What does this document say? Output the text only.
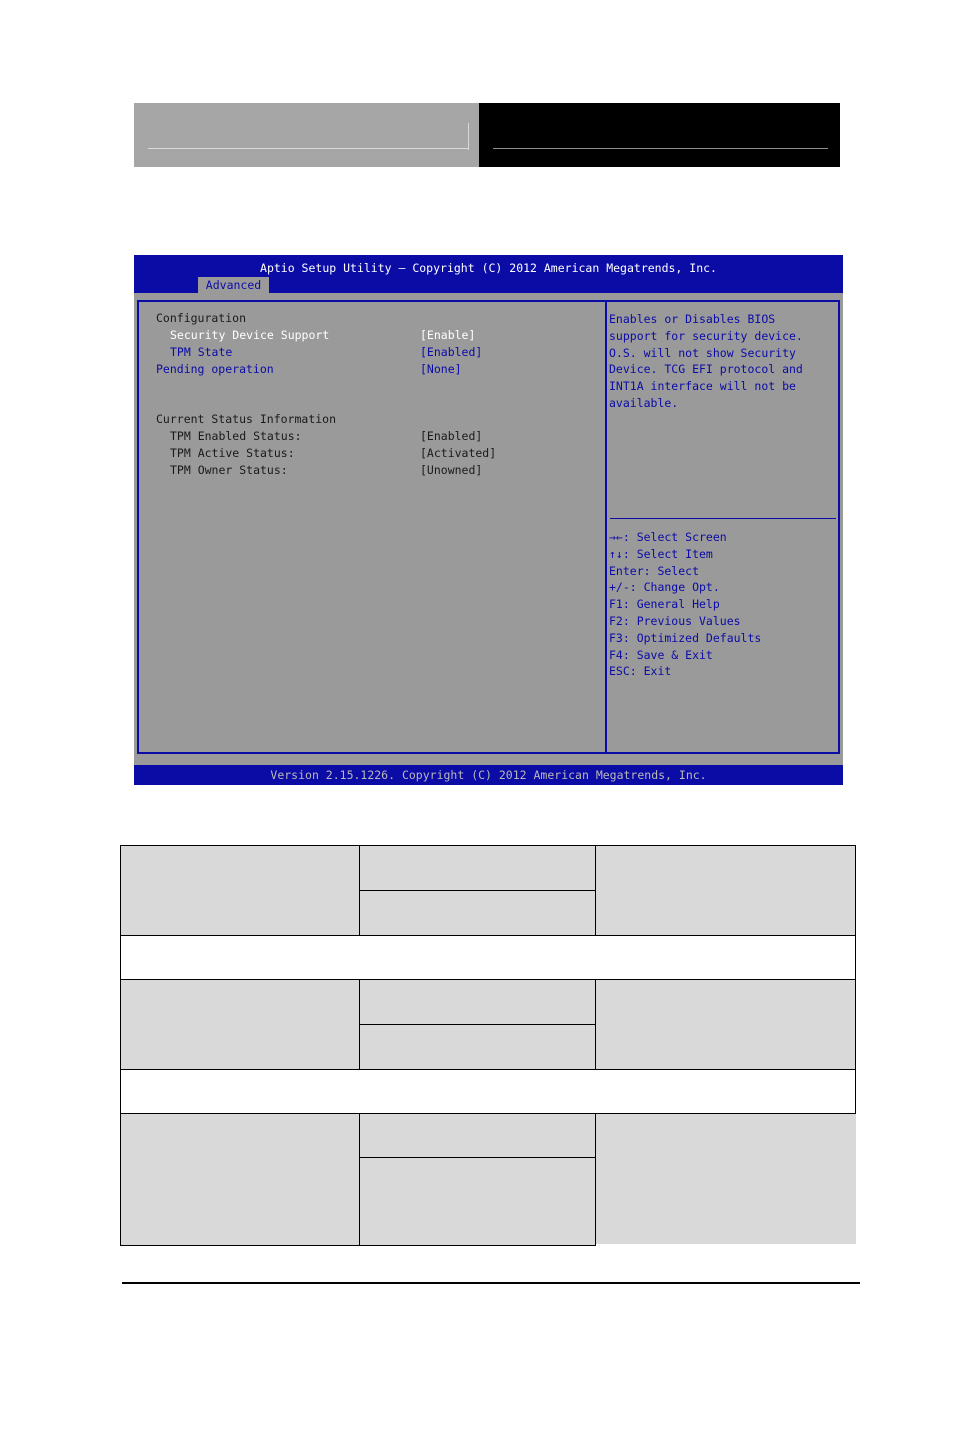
Aptio Setup Utility – Copyright (C) 2012 American Megatrends, Inc.
Advanced
Configuration
Security Device Support	[Enable]
TPM State	[Enabled]
Pending operation	[None]
Current Status Information
TPM Enabled Status:	[Enabled]
TPM Active Status:	[Activated]
TPM Owner Status:	[Unowned]
Enables or Disables BIOS
support for security device.
O.S. will not show Security
Device. TCG EFI protocol and
INT1A interface will not be
available.
→←: Select Screen
↑↓: Select Item
Enter: Select
+/-: Change Opt.
F1: General Help
F2: Previous Values
F3: Optimized Defaults
F4: Save & Exit
ESC: Exit
Version 2.15.1226. Copyright (C) 2012 American Megatrends, Inc.
